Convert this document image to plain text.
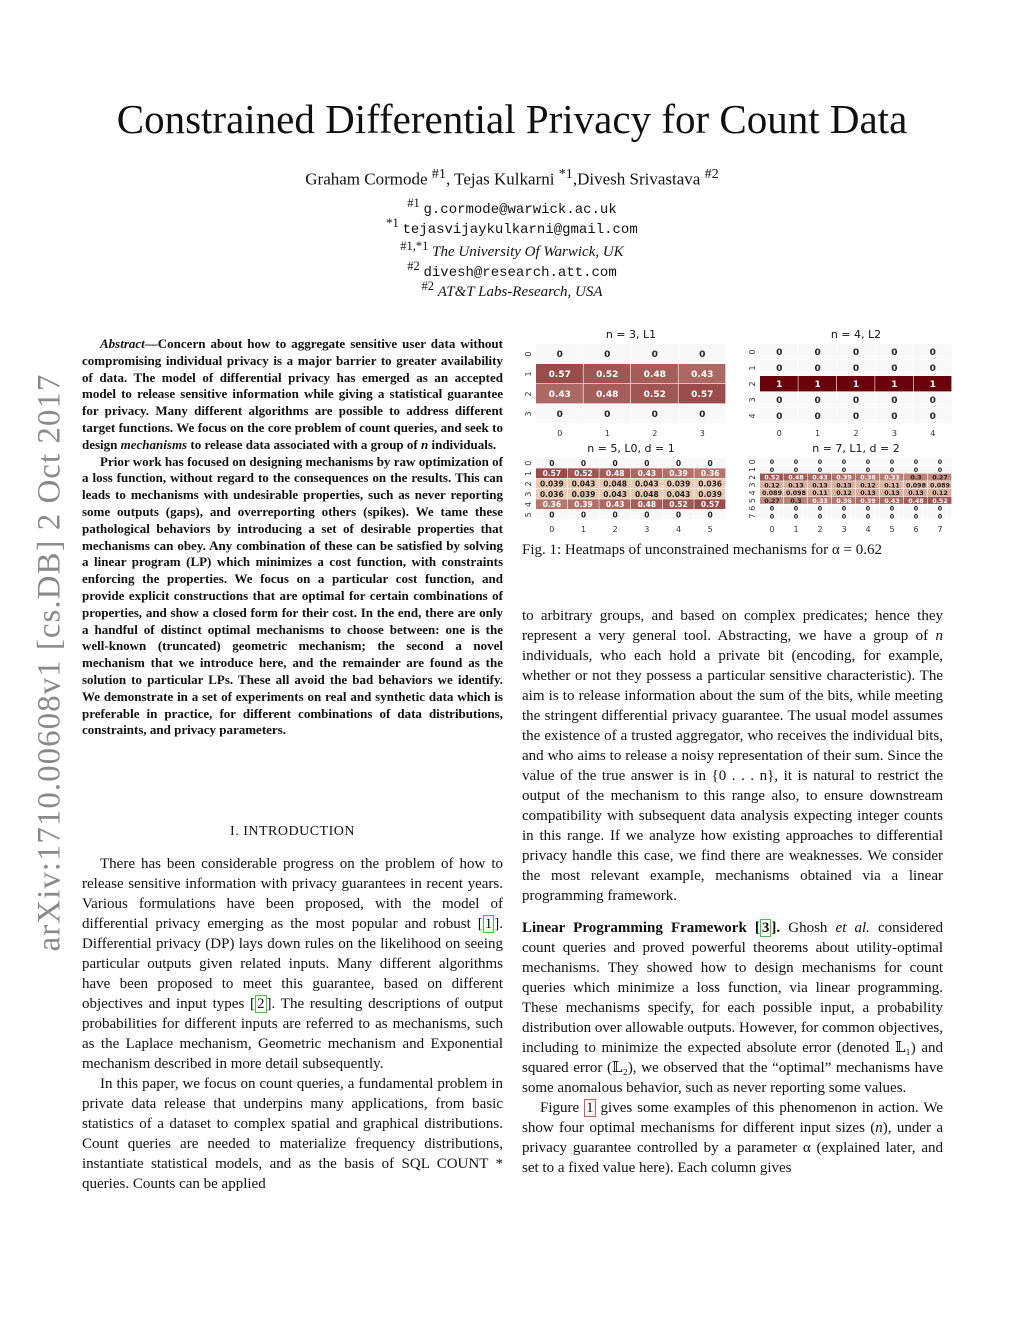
arXiv:1710.00608v1 [cs.DB] 2 Oct 2017
Constrained Differential Privacy for Count Data
Graham Cormode $^{\#1}$, Tejas Kulkarni $^{*1}$,Divesh Srivastava $^{\#2}$
$^{\#1}$ g.cormode@warwick.ac.uk
$^{*1}$ tejasvijaykulkarni@gmail.com
$^{\#1,*1}$ The University Of Warwick, UK
$^{\#2}$ divesh@research.att.com
$^{\#2}$ AT&T Labs-Research, USA

Abstract—Concern about how to aggregate sensitive user data without compromising individual privacy is a major barrier to greater availability of data. The model of differential privacy has emerged as an accepted model to release sensitive information while giving a statistical guarantee for privacy. Many different algorithms are possible to address different target functions. We focus on the core problem of count queries, and seek to design mechanisms to release data associated with a group of n individuals.

Prior work has focused on designing mechanisms by raw optimization of a loss function, without regard to the consequences on the results. This can leads to mechanisms with undesirable properties, such as never reporting some outputs (gaps), and overreporting others (spikes). We tame these pathological behaviors by introducing a set of desirable properties that mechanisms can obey. Any combination of these can be satisfied by solving a linear program (LP) which minimizes a cost function, with constraints enforcing the properties. We focus on a particular cost function, and provide explicit constructions that are optimal for certain combinations of properties, and show a closed form for their cost. In the end, there are only a handful of distinct optimal mechanisms to choose between: one is the well-known (truncated) geometric mechanism; the second a novel mechanism that we introduce here, and the remainder are found as the solution to particular LPs. These all avoid the bad behaviors we identify. We demonstrate in a set of experiments on real and synthetic data which is preferable in practice, for different combinations of data distributions, constraints, and privacy parameters.

I. INTRODUCTION

There has been considerable progress on the problem of how to release sensitive information with privacy guarantees in recent years. Various formulations have been proposed, with the model of differential privacy emerging as the most popular and robust [ 1 ]. Differential privacy (DP) lays down rules on the likelihood on seeing particular outputs given related inputs. Many different algorithms have been proposed to meet this guarantee, based on different objectives and input types [ 2 ]. The resulting descriptions of output probabilities for different inputs are referred to as mechanisms, such as the Laplace mechanism, Geometric mechanism and Exponential mechanism described in more detail subsequently.

In this paper, we focus on count queries, a fundamental problem in private data release that underpins many applications, from basic statistics of a dataset to complex spatial and graphical distributions. Count queries are needed to materialize frequency distributions, instantiate statistical models, and as the basis of SQL COUNT * queries. Counts can be applied

n = 3, L1
0	0	0	0
0
0.57	0.52	0.48	0.43
1
0.43	0.48	0.52	0.57
2
0	0	0	0
3
0	1	2	3
n = 4, L2
0	0	0	0	0
0
0	0	0	0	0
1
1	1	1	1	1
2
0	0	0	0	0
3
0	0	0	0	0
4
0	1	2	3	4
n = 5, L0, d = 1
0	0	0	0	0	0
0
0.57 0.52 0.48 0.43 0.39 0.36
1
0.039 0.043 0.048 0.043 0.039 0.036
2
0.036 0.039 0.043 0.048 0.043 0.039
3
0.36 0.39 0.43 0.48 0.52 0.57
4
0	0	0	0	0	0
5
0	1	2	3	4	5
n = 7, L1, d = 2
0	0	0	0	0	0	0	0
0
0	0	0	0	0	0	0	0
1
0.52 0.48 0.43 0.39 0.36 0.33 0.3 0.27
2
0.12 0.13 0.13 0.13 0.12 0.11 0.098 0.089
3
0.089 0.098 0.11 0.12 0.13 0.13 0.13 0.12
4
0.27 0.3 0.33 0.36 0.39 0.43 0.48 0.52
5
0	0	0	0	0	0	0	0
6
0	0	0	0	0	0	0	0
7
0 1 2 3 4 5 6 7
Fig. 1: Heatmaps of unconstrained mechanisms for α = 0.62

to arbitrary groups, and based on complex predicates; hence they represent a very general tool. Abstracting, we have a group of n individuals, who each hold a private bit (encoding, for example, whether or not they possess a particular sensitive characteristic). The aim is to release information about the sum of the bits, while meeting the stringent differential privacy guarantee. The usual model assumes the existence of a trusted aggregator, who receives the individual bits, and who aims to release a noisy representation of their sum. Since the value of the true answer is in {0 . . . n}, it is natural to restrict the output of the mechanism to this range also, to ensure downstream compatibility with subsequent data analysis expecting integer counts in this range. If we analyze how existing approaches to differential privacy handle this case, we find there are weaknesses. We consider the most relevant example, mechanisms obtained via a linear programming framework.

Linear Programming Framework [ 3 ]. Ghosh et al. considered count queries and proved powerful theorems about utility-optimal mechanisms. They showed how to design mechanisms for count queries which minimize a loss function, via linear programming. These mechanisms specify, for each possible input, a probability distribution over allowable outputs. However, for common objectives, including to minimize the expected absolute error (denoted 𝕃₁) and squared error (𝕃₂), we observed that the “optimal” mechanisms have some anomalous behavior, such as never reporting some values.

Figure 1 gives some examples of this phenomenon in action. We show four optimal mechanisms for different input sizes (n), under a privacy guarantee controlled by a parameter α (explained later, and set to a fixed value here). Each column gives
